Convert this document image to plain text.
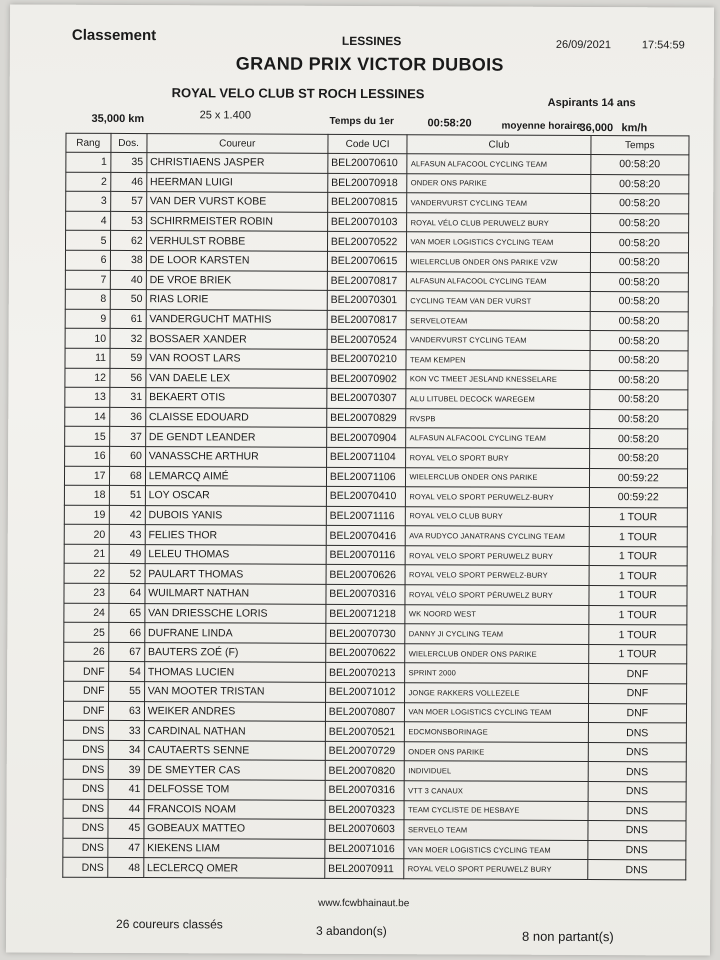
Classement	LESSINES	26/09/2021	17:54:59
GRAND PRIX VICTOR DUBOIS
ROYAL VELO CLUB ST ROCH LESSINES
Aspirants 14 ans
35,000 km	25 x 1.400	Temps du 1er	00:58:20	moyenne horaire
36,000 km/h
Rang	Dos.	Coureur	Code UCI	Club	Temps
1	35	CHRISTIAENS JASPER	BEL20070610	ALFASUN ALFACOOL CYCLING TEAM	00:58:20
2	46	HEERMAN LUIGI	BEL20070918	ONDER ONS PARIKE	00:58:20
3	57	VAN DER VURST KOBE	BEL20070815	VANDERVURST CYCLING TEAM	00:58:20
4	53	SCHIRRMEISTER ROBIN	BEL20070103	ROYAL VÉLO CLUB PERUWELZ BURY	00:58:20
5	62	VERHULST ROBBE	BEL20070522	VAN MOER LOGISTICS CYCLING TEAM	00:58:20
6	38	DE LOOR KARSTEN	BEL20070615	WIELERCLUB ONDER ONS PARIKE VZW	00:58:20
7	40	DE VROE BRIEK	BEL20070817	ALFASUN ALFACOOL CYCLING TEAM	00:58:20
8	50	RIAS LORIE	BEL20070301	CYCLING TEAM VAN DER VURST	00:58:20
9	61	VANDERGUCHT MATHIS	BEL20070817	SERVELOTEAM	00:58:20
10	32	BOSSAER XANDER	BEL20070524	VANDERVURST CYCLING TEAM	00:58:20
11	59	VAN ROOST LARS	BEL20070210	TEAM KEMPEN	00:58:20
12	56	VAN DAELE LEX	BEL20070902	KON VC TMEET JESLAND KNESSELARE	00:58:20
13	31	BEKAERT OTIS	BEL20070307	ALU LITUBEL DECOCK WAREGEM	00:58:20
14	36	CLAISSE EDOUARD	BEL20070829	RVSPB	00:58:20
15	37	DE GENDT LEANDER	BEL20070904	ALFASUN ALFACOOL CYCLING TEAM	00:58:20
16	60	VANASSCHE ARTHUR	BEL20071104	ROYAL VELO SPORT BURY	00:58:20
17	68	LEMARCQ AIMÉ	BEL20071106	WIELERCLUB ONDER ONS PARIKE	00:59:22
18	51	LOY OSCAR	BEL20070410	ROYAL VELO SPORT PERUWELZ-BURY	00:59:22
19	42	DUBOIS YANIS	BEL20071116	ROYAL VELO CLUB BURY	1 TOUR
20	43	FELIES THOR	BEL20070416	AVA RUDYCO JANATRANS CYCLING TEAM	1 TOUR
21	49	LELEU THOMAS	BEL20070116	ROYAL VELO SPORT PERUWELZ BURY	1 TOUR
22	52	PAULART THOMAS	BEL20070626	ROYAL VELO SPORT PERWELZ-BURY	1 TOUR
23	64	WUILMART NATHAN	BEL20070316	ROYAL VÉLO SPORT PÉRUWELZ BURY	1 TOUR
24	65	VAN DRIESSCHE LORIS	BEL20071218	WK NOORD WEST	1 TOUR
25	66	DUFRANE LINDA	BEL20070730	DANNY JI CYCLING TEAM	1 TOUR
26	67	BAUTERS ZOÉ (F)	BEL20070622	WIELERCLUB ONDER ONS PARIKE	1 TOUR
DNF	54	THOMAS LUCIEN	BEL20070213	SPRINT 2000	DNF
DNF	55	VAN MOOTER TRISTAN	BEL20071012	JONGE RAKKERS VOLLEZELE	DNF
DNF	63	WEIKER ANDRES	BEL20070807	VAN MOER LOGISTICS CYCLING TEAM	DNF
DNS	33	CARDINAL NATHAN	BEL20070521	EDCMONSBORINAGE	DNS
DNS	34	CAUTAERTS SENNE	BEL20070729	ONDER ONS PARIKE	DNS
DNS	39	DE SMEYTER CAS	BEL20070820	INDIVIDUEL	DNS
DNS	41	DELFOSSE TOM	BEL20070316	VTT 3 CANAUX	DNS
DNS	44	FRANCOIS NOAM	BEL20070323	TEAM CYCLISTE DE HESBAYE	DNS
DNS	45	GOBEAUX MATTEO	BEL20070603	SERVELO TEAM	DNS
DNS	47	KIEKENS LIAM	BEL20071016	VAN MOER LOGISTICS CYCLING TEAM	DNS
DNS	48	LECLERCQ OMER	BEL20070911	ROYAL VELO SPORT PERUWELZ BURY	DNS
www.fcwbhainaut.be
26 coureurs classés	3 abandon(s)	8 non partant(s)
